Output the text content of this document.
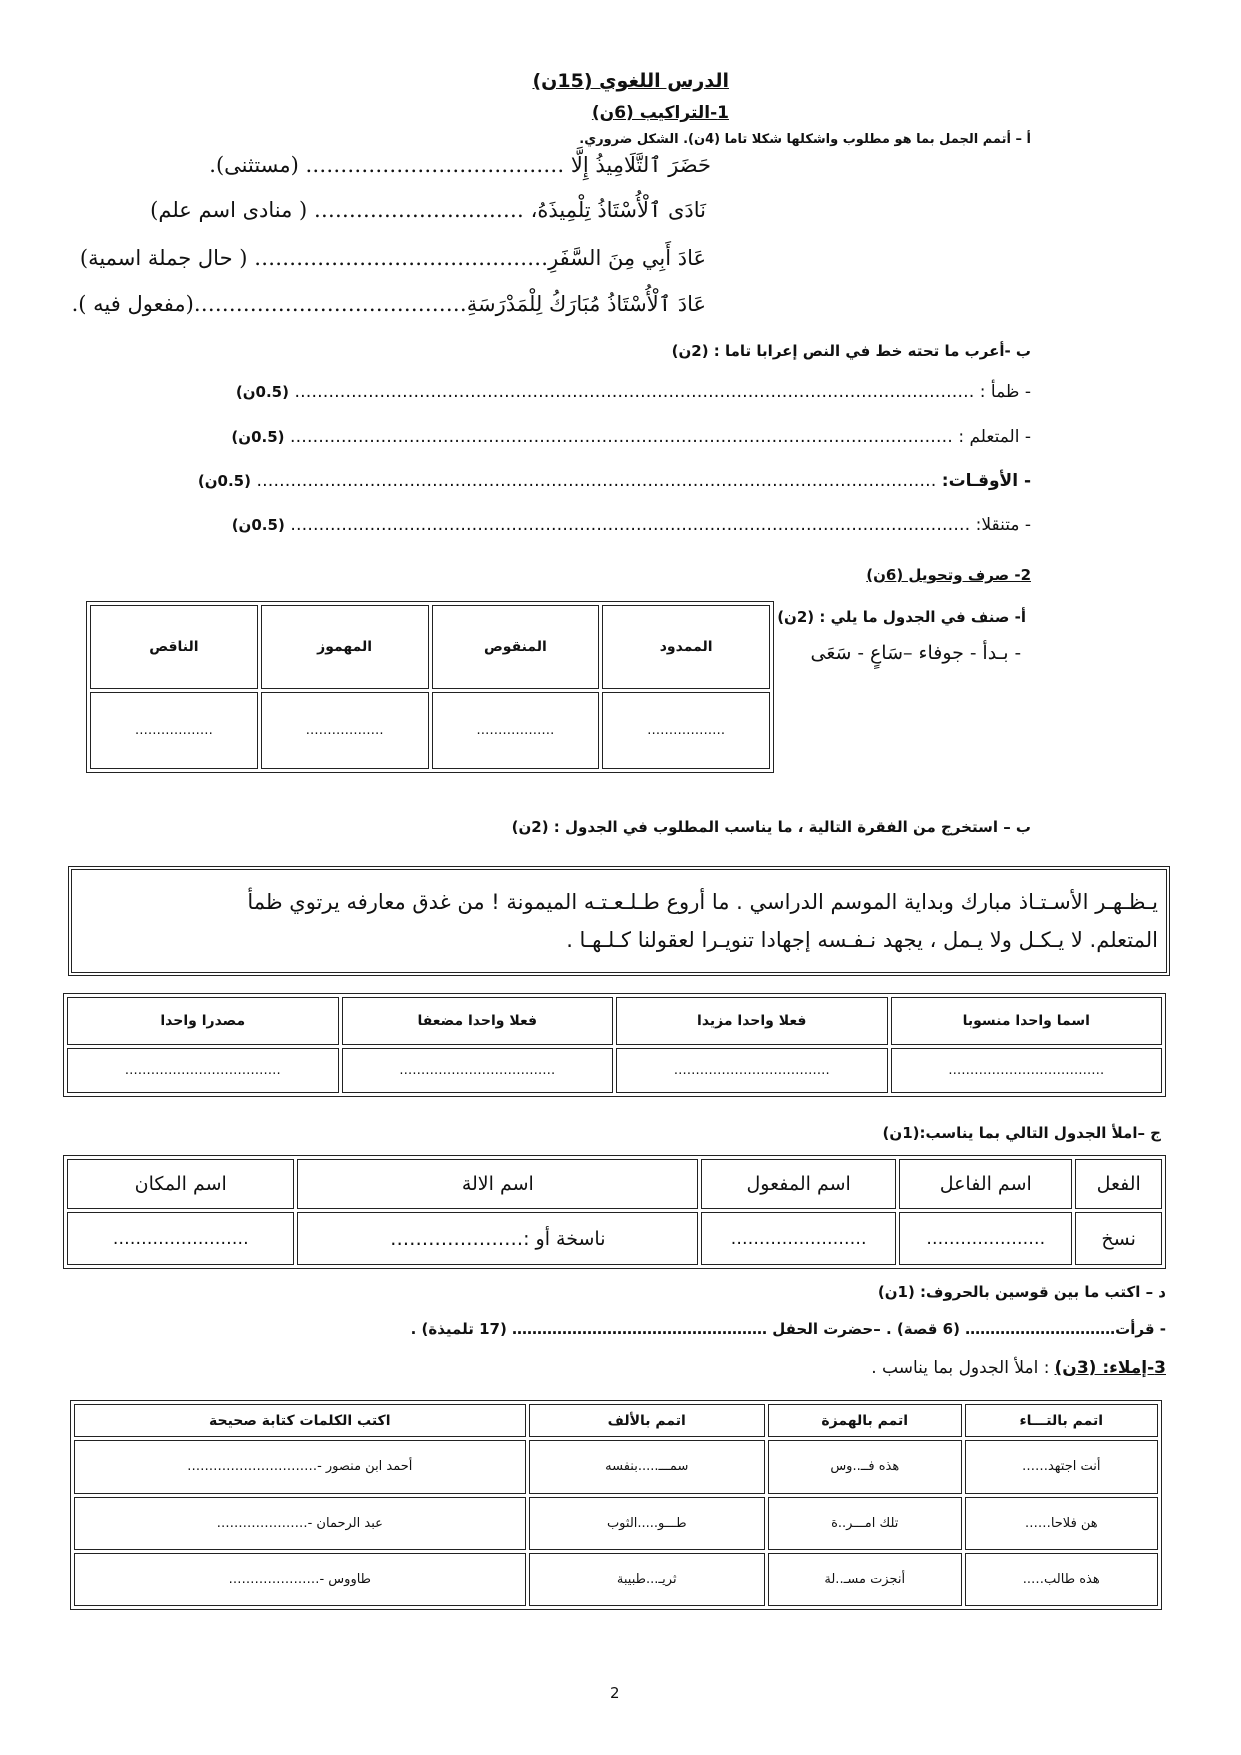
الدرس اللغوي (15ن)
1-التراكيب (6ن)
أ – أتمم الجمل بما هو مطلوب واشكلها شكلا تاما (4ن). الشكل ضروري.
حَضَرَ ٱلتَّلَامِيذُ إِلَّا ………………………………. (مستثنى).
نَادَى ٱلْأُسْتَاذُ تِلْمِيذَهُ، ………………………… ( منادى اسم علم)
عَادَ أَبِي مِنَ السَّفَرِ…………………………………… ( حال جملة اسمية)
عَادَ ٱلْأُسْتَاذُ مُبَارَكُ لِلْمَدْرَسَةِ…………………………………(مفعول فيه ).
ب -أعرب ما تحته خط في النص إعرابا تاما : (2ن)
- ظمأ : ………………………………………………………………………………………………………… (0.5ن)
- المتعلم : ……………………………………………………………………………………………………… (0.5ن)
- الأوقـات: ………………………………………………………………………………………………………… (0.5ن)
- متنقلا: ………………………………………………………………………………………………………… (0.5ن)
2- صرف وتحويل (6ن)
أ- صنف في الجدول ما يلي : (2ن)
- بـدأ - جوفاء –سَاعٍ - سَعَى
الممدود	المنقوص	المهموز	الناقص
………………	………………	………………	………………
ب – استخرج من الفقرة التالية ، ما يناسب المطلوب في الجدول : (2ن)
يـظـهـر الأسـتـاذ مبارك وبداية الموسم الدراسي . ما أروع طـلـعـتـه الميمونة ! من غدق معارفه يرتوي ظمأ
المتعلم. لا يـكـل ولا يـمل ، يجهد نـفـسه إجهادا تنويـرا لعقولنا كـلـهـا .
اسما واحدا منسوبا	فعلا واحدا مزيدا	فعلا واحدا مضعفا	مصدرا واحدا
………………………………	………………………………	………………………………	………………………………
ج –املأ الجدول التالي بما يناسب:(1ن)
الفعل	اسم الفاعل	اسم المفعول	اسم الالة	اسم المكان
نسخ	…………………	……………………	ناسخة أو :…………………	……………………
د – اكتب ما بين قوسين بالحروف: (1ن)
- قرأت………………………… (6 قصة) . –حضرت الحفل …………………………………………… (17 تلميذة) .
3-إملاء: (3ن) : املأ الجدول بما يناسب .
اتمم بالتـــاء	اتمم بالهمزة	اتمم بالألف	اكتب الكلمات كتابة صحيحة
أنت اجتهد……	هذه فــ..وس	سمـــ.....بنفسه	أحمد ابن منصور -…………………………
هن فلاحا……	تلك امـــر..ة	طـــو.....الثوب	عبد الرحمان -…………………
هذه طالب…..	أنجزت مسـ..لة	ثريـ...طبيبة	طاووس -…………………
2
